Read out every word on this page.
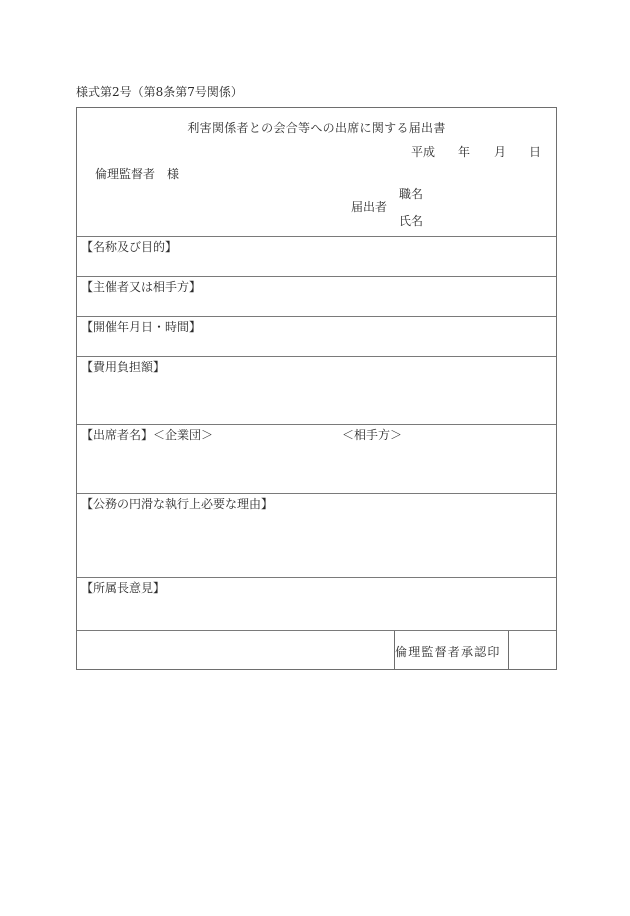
様式第2号（第8条第7号関係）
利害関係者との会合等への出席に関する届出書
平成 年 月 日
倫理監督者　様
職名
届出者
氏名
【名称及び目的】
【主催者又は相手方】
【開催年月日・時間】
【費用負担額】
【出席者名】＜企業団＞	＜相手方＞
【公務の円滑な執行上必要な理由】
【所属長意見】
倫理監督者承認印
